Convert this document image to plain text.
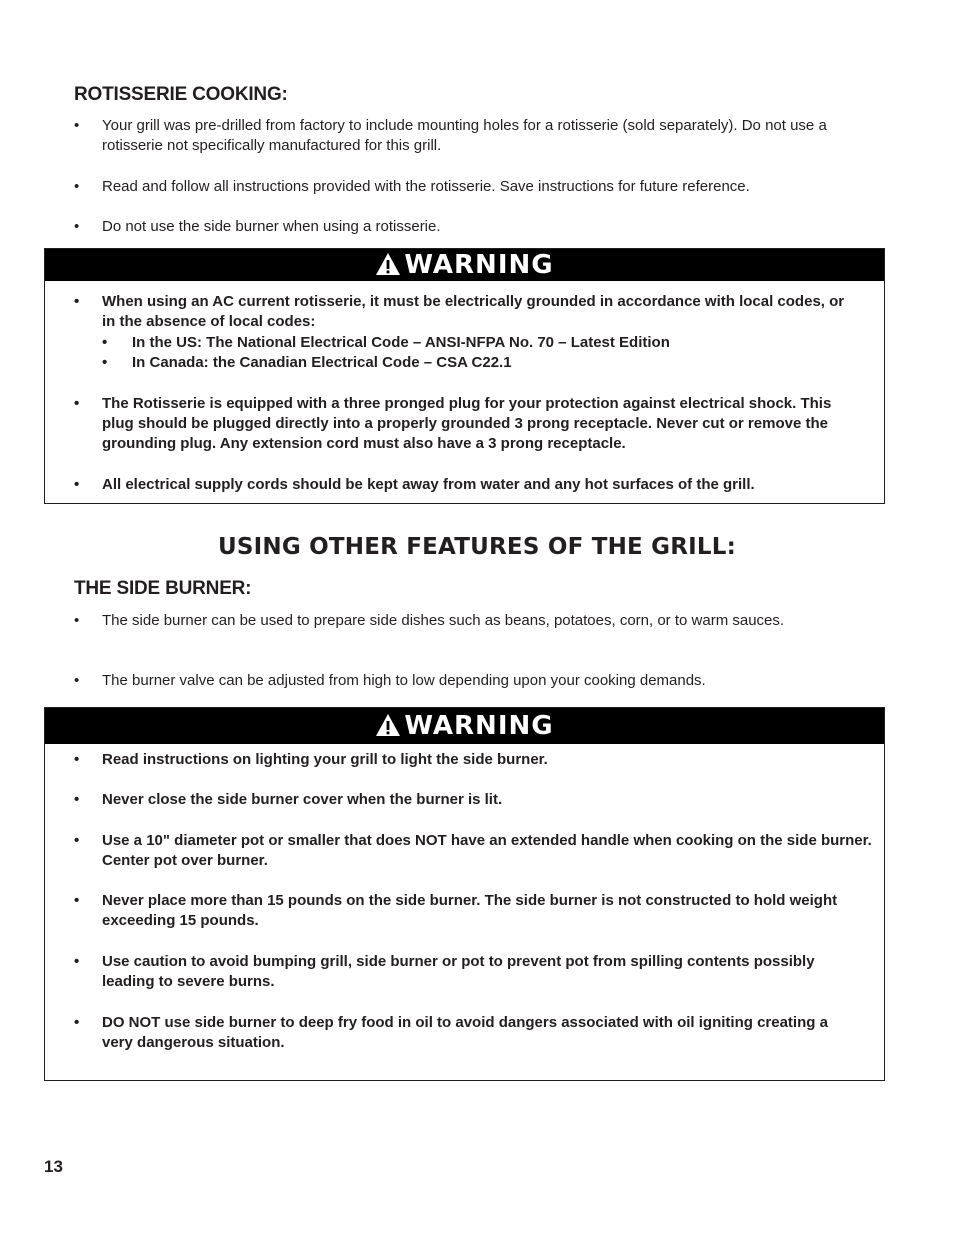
ROTISSERIE COOKING:
• Your grill was pre-drilled from factory to include mounting holes for a rotisserie (sold separately). Do not use a rotisserie not specifically manufactured for this grill.
• Read and follow all instructions provided with the rotisserie. Save instructions for future reference.
• Do not use the side burner when using a rotisserie.
WARNING
• When using an AC current rotisserie, it must be electrically grounded in accordance with local codes, or in the absence of local codes:
• In the US: The National Electrical Code – ANSI-NFPA No. 70 – Latest Edition
• In Canada: the Canadian Electrical Code – CSA C22.1
• The Rotisserie is equipped with a three pronged plug for your protection against electrical shock. This plug should be plugged directly into a properly grounded 3 prong receptacle. Never cut or remove the grounding plug. Any extension cord must also have a 3 prong receptacle.
• All electrical supply cords should be kept away from water and any hot surfaces of the grill.
USING OTHER FEATURES OF THE GRILL:
THE SIDE BURNER:
• The side burner can be used to prepare side dishes such as beans, potatoes, corn, or to warm sauces.
• The burner valve can be adjusted from high to low depending upon your cooking demands.
WARNING
• Read instructions on lighting your grill to light the side burner.
• Never close the side burner cover when the burner is lit.
• Use a 10" diameter pot or smaller that does NOT have an extended handle when cooking on the side burner. Center pot over burner.
• Never place more than 15 pounds on the side burner. The side burner is not constructed to hold weight exceeding 15 pounds.
• Use caution to avoid bumping grill, side burner or pot to prevent pot from spilling contents possibly leading to severe burns.
• DO NOT use side burner to deep fry food in oil to avoid dangers associated with oil igniting creating a very dangerous situation.
13
